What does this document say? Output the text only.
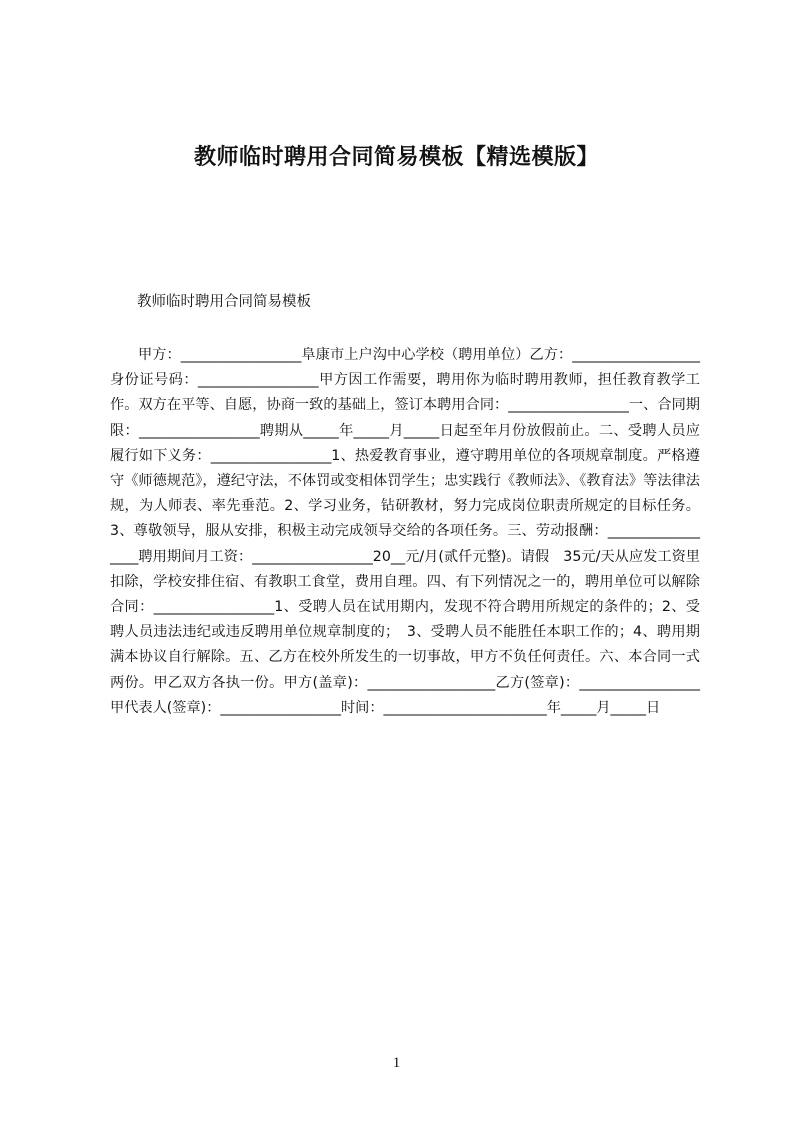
教师临时聘用合同简易模板【精选模版】
教师临时聘用合同简易模板
甲方：_________________阜康市上户沟中心学校（聘用单位）乙方：__________________身份证号码：_________________甲方因工作需要，聘用你为临时聘用教师，担任教育教学工作。双方在平等、自愿，协商一致的基础上，签订本聘用合同：_________________一、合同期限：_________________聘期从_____年_____月_____日起至年月份放假前止。二、受聘人员应履行如下义务：_________________1、热爱教育事业，遵守聘用单位的各项规章制度。严格遵守《师德规范》，遵纪守法，不体罚或变相体罚学生；忠实践行《教师法》、《教育法》等法律法规，为人师表、率先垂范。2、学习业务，钻研教材，努力完成岗位职责所规定的目标任务。3、尊敬领导，服从安排，积极主动完成领导交给的各项任务。三、劳动报酬：_________________聘用期间月工资：_________________20__元/月(贰仟元整)。请假　35元/天从应发工资里扣除，学校安排住宿、有教职工食堂，费用自理。四、有下列情况之一的，聘用单位可以解除合同：_________________1、受聘人员在试用期内，发现不符合聘用所规定的条件的；2、受聘人员违法违纪或违反聘用单位规章制度的；　3、受聘人员不能胜任本职工作的；4、聘用期满本协议自行解除。五、乙方在校外所发生的一切事故，甲方不负任何责任。六、本合同一式两份。甲乙双方各执一份。甲方(盖章)：__________________乙方(签章)：_________________甲代表人(签章)：_________________时间：_______________________年_____月_____日
1
